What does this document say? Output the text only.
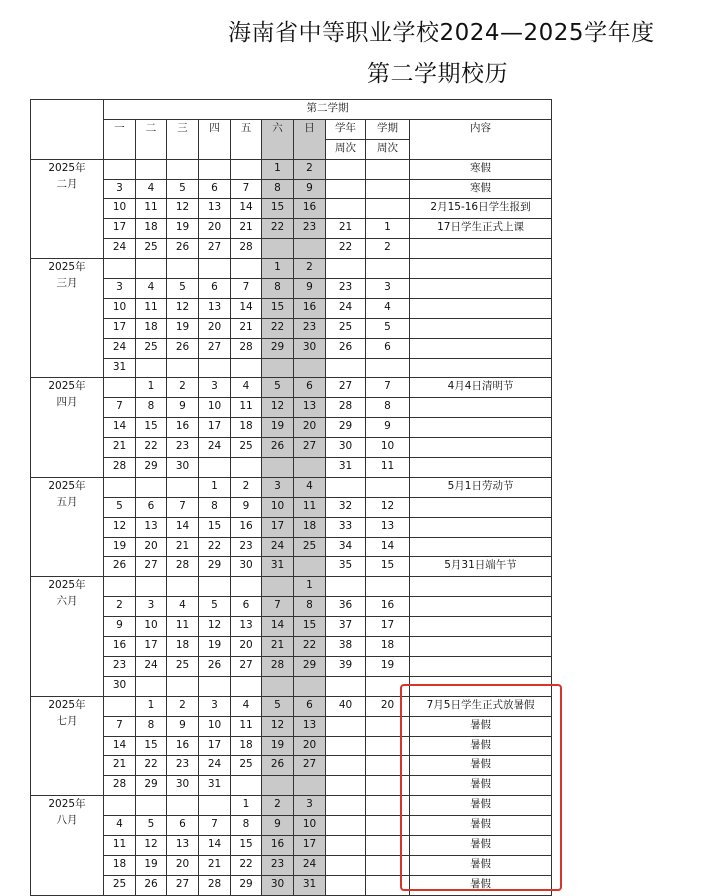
海南省中等职业学校2024—2025学年度
第二学期校历
	第二学期									
	一	二	三	四	五	六	日	学年	学期	内容
								周次	周次	

2025年
二月						1	2			寒假
	3	4	5	6	7	8	9			寒假
	10	11	12	13	14	15	16			2月15-16日学生报到
	17	18	19	20	21	22	23	21	1	17日学生正式上课
	24	25	26	27	28			22	2	

2025年
三月						1	2			
	3	4	5	6	7	8	9	23	3	
	10	11	12	13	14	15	16	24	4	
	17	18	19	20	21	22	23	25	5	
	24	25	26	27	28	29	30	26	6	
	31									

2025年
四月		1	2	3	4	5	6	27	7	4月4日清明节
	7	8	9	10	11	12	13	28	8	
	14	15	16	17	18	19	20	29	9	
	21	22	23	24	25	26	27	30	10	
	28	29	30					31	11	

2025年
五月				1	2	3	4			5月1日劳动节
	5	6	7	8	9	10	11	32	12	
	12	13	14	15	16	17	18	33	13	
	19	20	21	22	23	24	25	34	14	
	26	27	28	29	30	31		35	15	5月31日端午节

2025年
六月							1			
	2	3	4	5	6	7	8	36	16	
	9	10	11	12	13	14	15	37	17	
	16	17	18	19	20	21	22	38	18	
	23	24	25	26	27	28	29	39	19	
	30									

2025年
七月		1	2	3	4	5	6	40	20	7月5日学生正式放暑假
	7	8	9	10	11	12	13			暑假
	14	15	16	17	18	19	20			暑假
	21	22	23	24	25	26	27			暑假
	28	29	30	31						暑假

2025年
八月					1	2	3			暑假
	4	5	6	7	8	9	10			暑假
	11	12	13	14	15	16	17			暑假
	18	19	20	21	22	23	24			暑假
	25	26	27	28	29	30	31			暑假
